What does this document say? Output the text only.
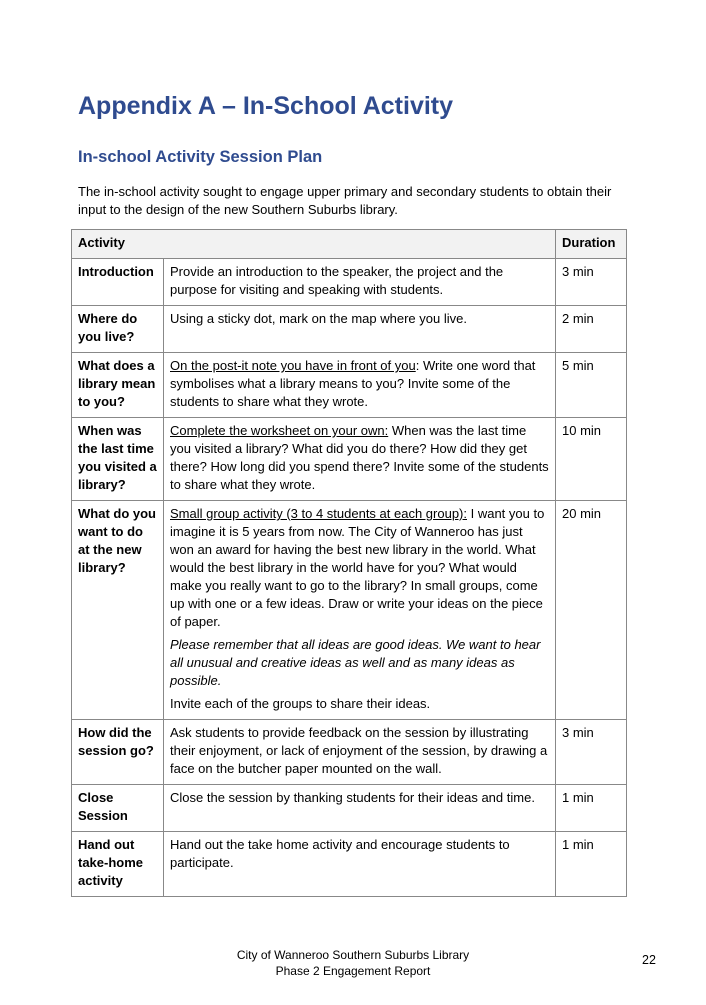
Appendix A – In-School Activity
In-school Activity Session Plan

The in-school activity sought to engage upper primary and secondary students to obtain their input to the design of the new Southern Suburbs library.

Activity		Duration
Introduction	Provide an introduction to the speaker, the project and the purpose for visiting and speaking with students.	3 min
Where do you live?	Using a sticky dot, mark on the map where you live.	2 min
What does a library mean to you?	On the post-it note you have in front of you: Write one word that symbolises what a library means to you? Invite some of the students to share what they wrote.	5 min
When was the last time you visited a library?	Complete the worksheet on your own: When was the last time you visited a library? What did you do there? How did they get there? How long did you spend there? Invite some of the students to share what they wrote.	10 min
What do you want to do at the new library?	Small group activity (3 to 4 students at each group): I want you to imagine it is 5 years from now. The City of Wanneroo has just won an award for having the best new library in the world. What would the best library in the world have for you? What would make you really want to go to the library? In small groups, come up with one or a few ideas. Draw or write your ideas on the piece of paper.

Please remember that all ideas are good ideas. We want to hear all unusual and creative ideas as well and as many ideas as possible.

Invite each of the groups to share their ideas.	20 min
How did the session go?	Ask students to provide feedback on the session by illustrating their enjoyment, or lack of enjoyment of the session, by drawing a face on the butcher paper mounted on the wall.	3 min
Close Session	Close the session by thanking students for their ideas and time.	1 min
Hand out take-home activity	Hand out the take home activity and encourage students to participate.	1 min
City of Wanneroo Southern Suburbs Library
Phase 2 Engagement Report
22
